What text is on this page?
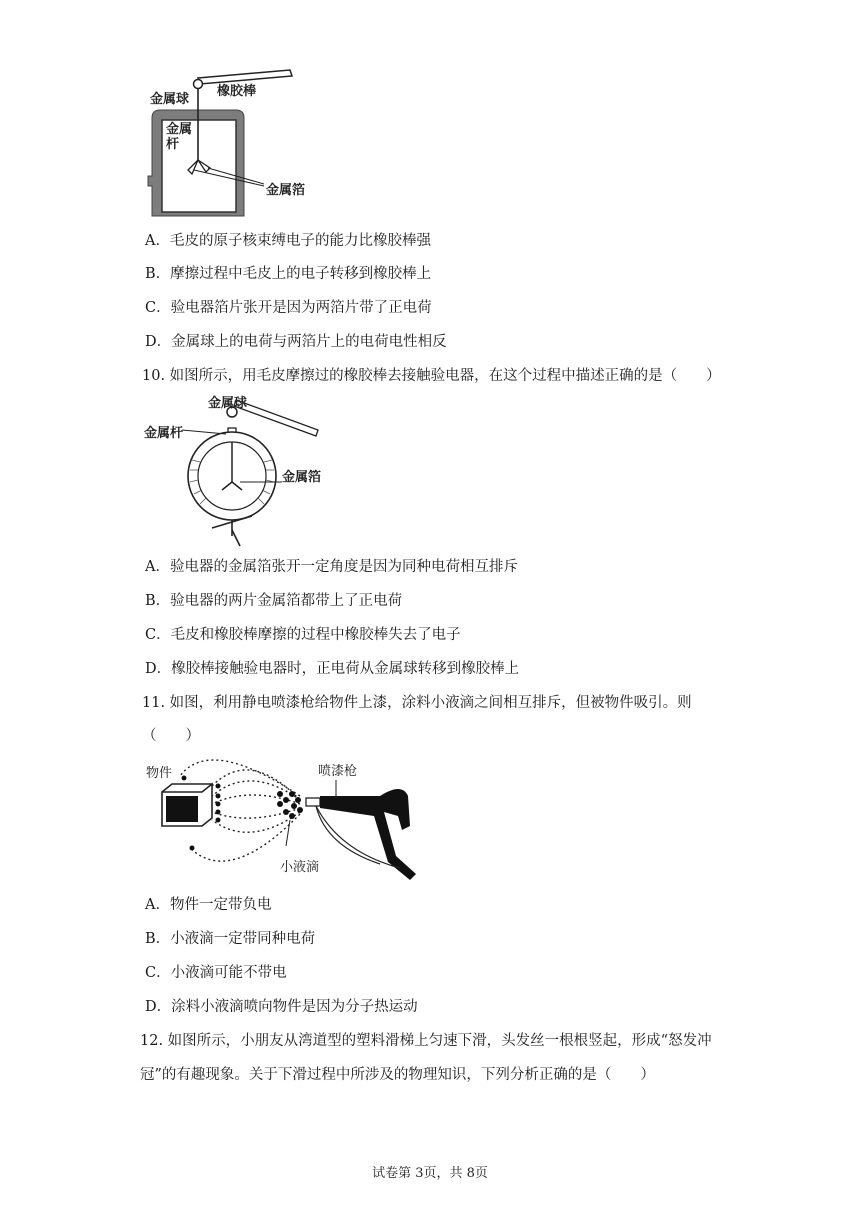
金属球
橡胶棒
金属
杆
金属箔
A．毛皮的原子核束缚电子的能力比橡胶棒强
B．摩擦过程中毛皮上的电子转移到橡胶棒上
C．验电器箔片张开是因为两箔片带了正电荷
D．金属球上的电荷与两箔片上的电荷电性相反
10. 如图所示，用毛皮摩擦过的橡胶棒去接触验电器，在这个过程中描述正确的是（　　）
金属球
金属杆
金属箔
A．验电器的金属箔张开一定角度是因为同种电荷相互排斥
B．验电器的两片金属箔都带上了正电荷
C．毛皮和橡胶棒摩擦的过程中橡胶棒失去了电子
D．橡胶棒接触验电器时，正电荷从金属球转移到橡胶棒上
11. 如图，利用静电喷漆枪给物件上漆，涂料小液滴之间相互排斥，但被物件吸引。则
（　　）
物件	喷漆枪
小液滴
A．物件一定带负电
B．小液滴一定带同种电荷
C．小液滴可能不带电
D．涂料小液滴喷向物件是因为分子热运动
12. 如图所示，小朋友从湾道型的塑料滑梯上匀速下滑，头发丝一根根竖起，形成“怒发冲冠”的有趣现象。关于下滑过程中所涉及的物理知识，下列分析正确的是（　　）
试卷第 3页，共 8页
